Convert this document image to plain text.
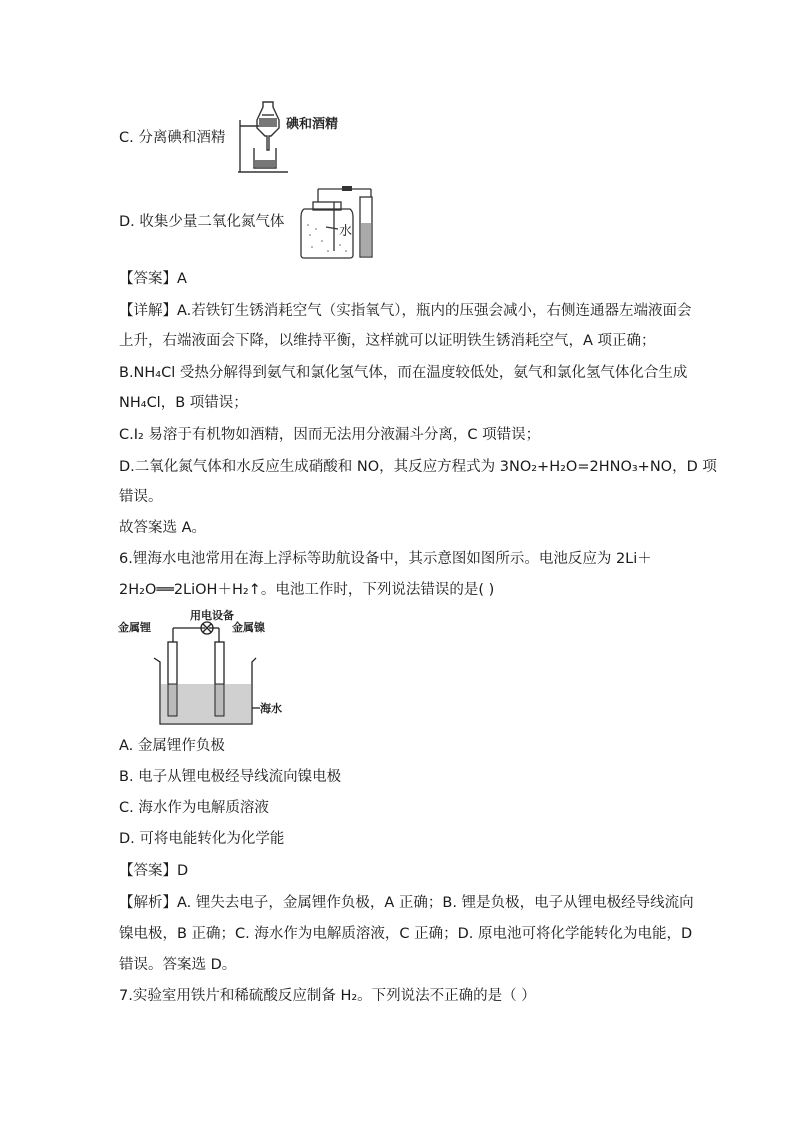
C. 分离碘和酒精
碘和酒精
D. 收集少量二氧化氮气体
水
【答案】A
【详解】A.若铁钉生锈消耗空气（实指氧气），瓶内的压强会减小，右侧连通器左端液面会
上升，右端液面会下降，以维持平衡，这样就可以证明铁生锈消耗空气，A 项正确；
B.NH₄Cl 受热分解得到氨气和氯化氢气体，而在温度较低处，氨气和氯化氢气体化合生成
NH₄Cl，B 项错误；
C.I₂ 易溶于有机物如酒精，因而无法用分液漏斗分离，C 项错误；
D.二氧化氮气体和水反应生成硝酸和 NO，其反应方程式为 3NO₂+H₂O=2HNO₃+NO，D 项
错误。
故答案选 A。
6.锂海水电池常用在海上浮标等助航设备中，其示意图如图所示。电池反应为 2Li＋
2H₂O══2LiOH＋H₂↑。电池工作时，下列说法错误的是( )
用电设备
金属锂	金属镍
海水
A. 金属锂作负极
B. 电子从锂电极经导线流向镍电极
C. 海水作为电解质溶液
D. 可将电能转化为化学能
【答案】D
【解析】A. 锂失去电子，金属锂作负极，A 正确；B. 锂是负极，电子从锂电极经导线流向
镍电极，B 正确；C. 海水作为电解质溶液，C 正确；D. 原电池可将化学能转化为电能，D
错误。答案选 D。
7.实验室用铁片和稀硫酸反应制备 H₂。下列说法不正确的是（ ）
